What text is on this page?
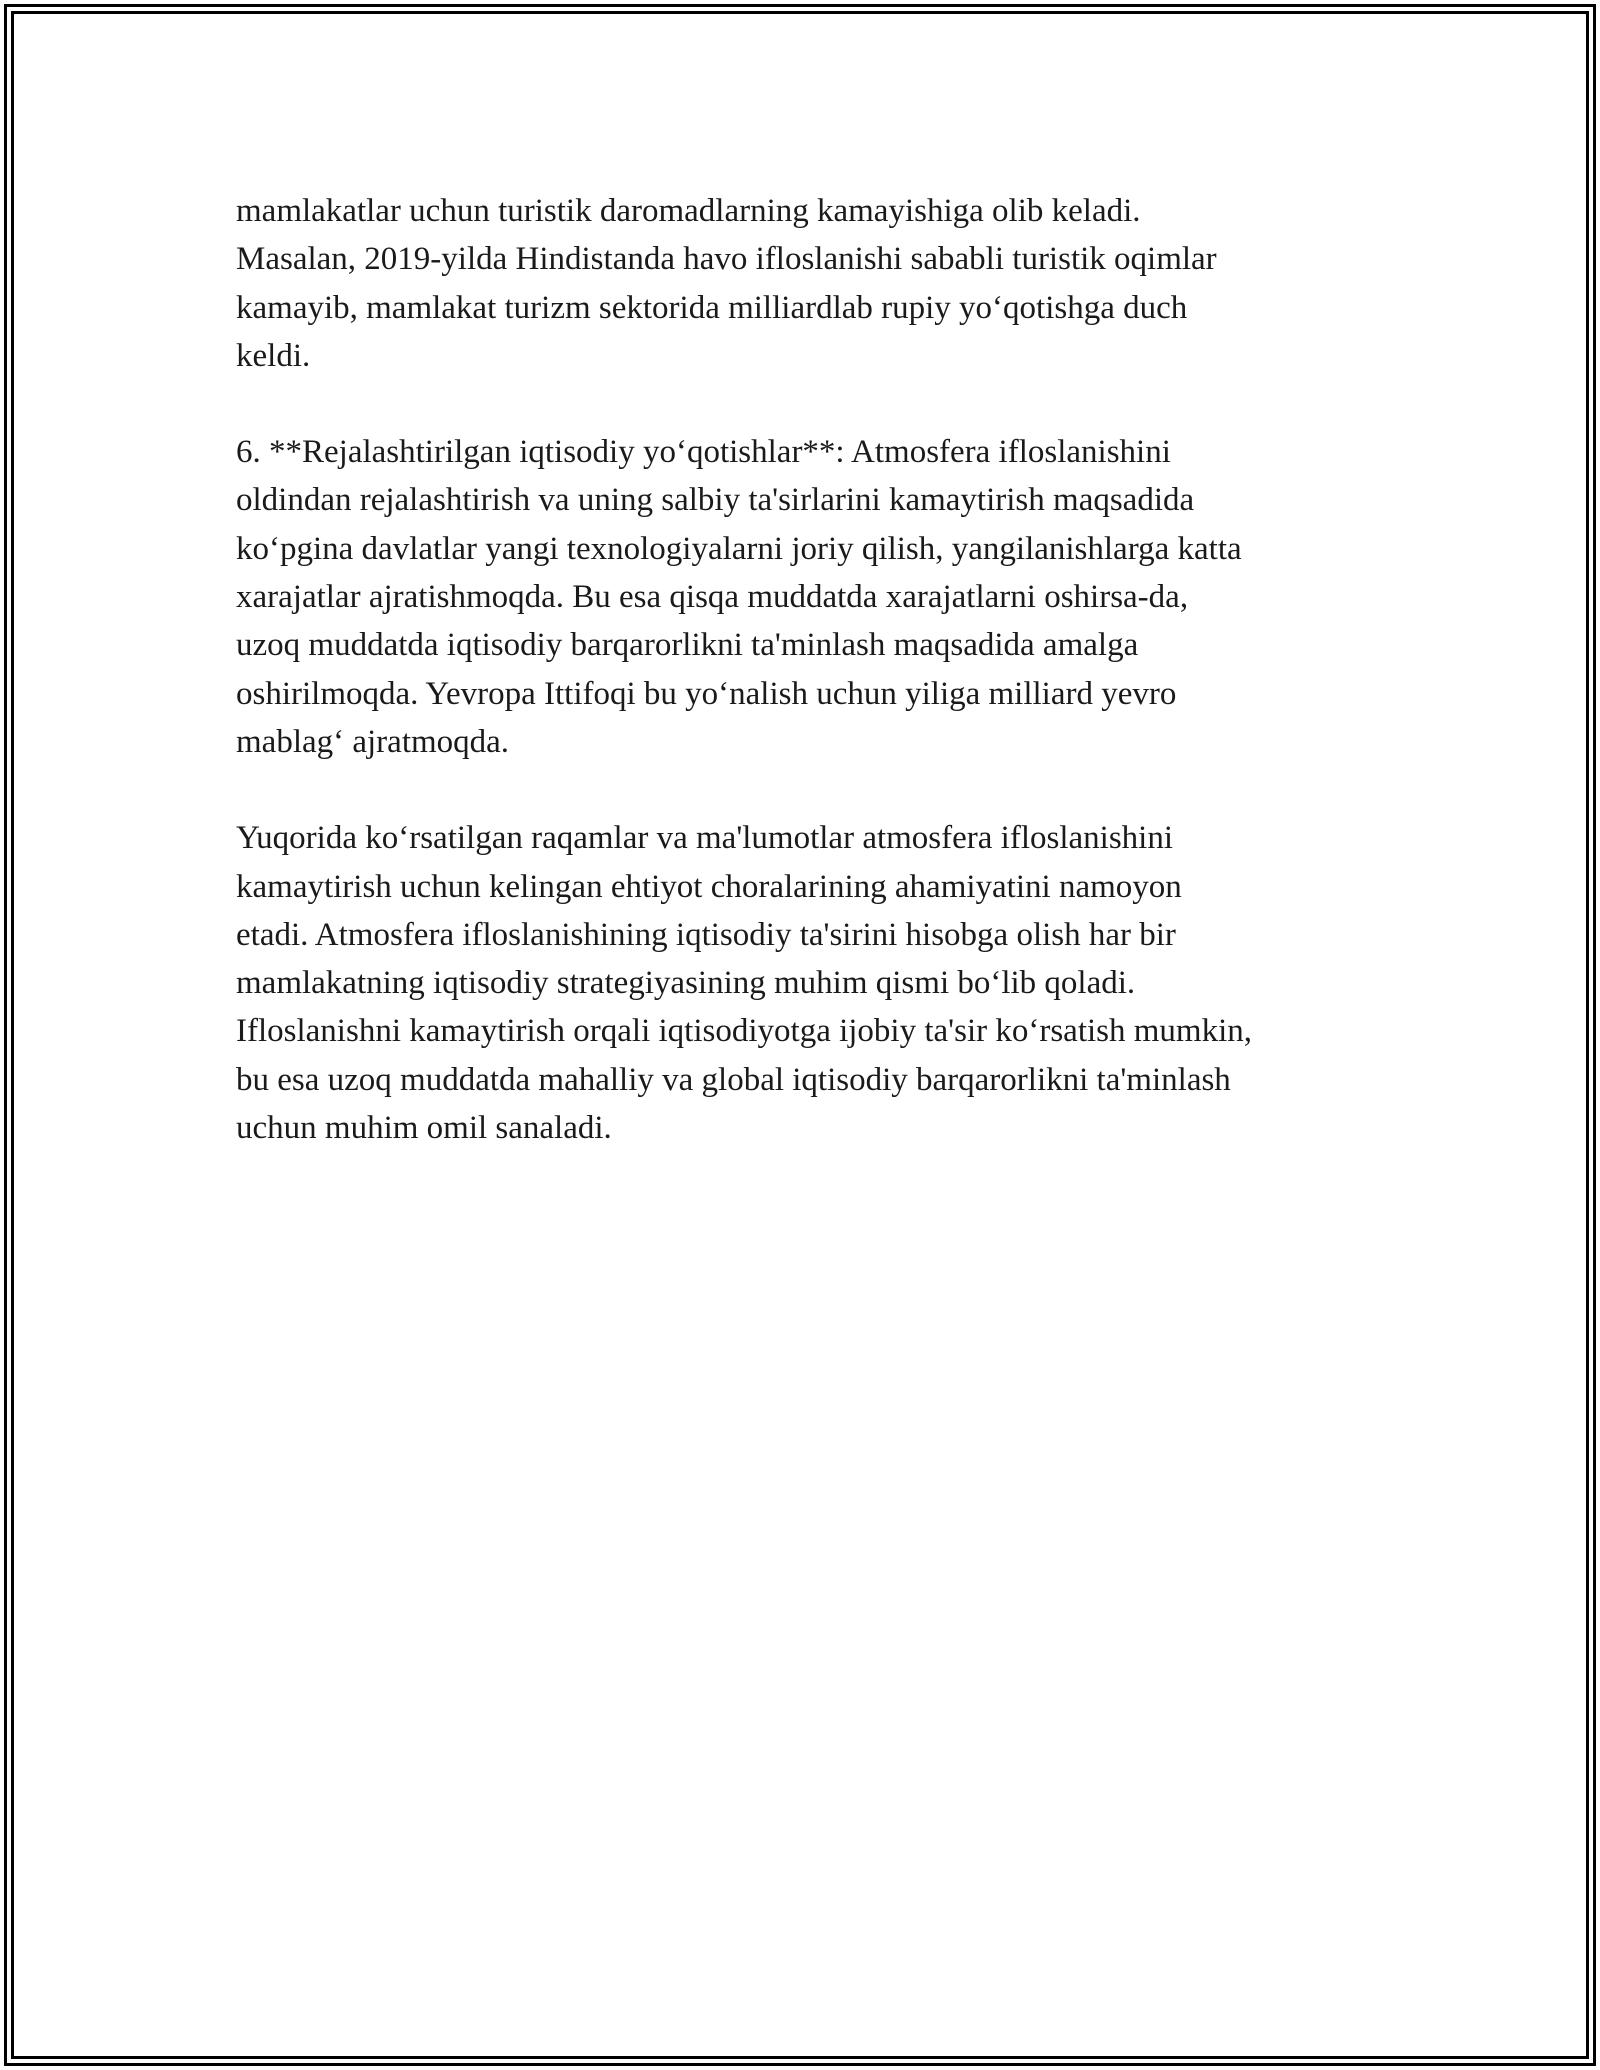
mamlakatlar uchun turistik daromadlarning kamayishiga olib keladi.
Masalan, 2019-yilda Hindistanda havo ifloslanishi sababli turistik oqimlar
kamayib, mamlakat turizm sektorida milliardlab rupiy yo‘qotishga duch
keldi.

6. **Rejalashtirilgan iqtisodiy yo‘qotishlar**: Atmosfera ifloslanishini
oldindan rejalashtirish va uning salbiy ta'sirlarini kamaytirish maqsadida
ko‘pgina davlatlar yangi texnologiyalarni joriy qilish, yangilanishlarga katta
xarajatlar ajratishmoqda. Bu esa qisqa muddatda xarajatlarni oshirsa-da,
uzoq muddatda iqtisodiy barqarorlikni ta'minlash maqsadida amalga
oshirilmoqda. Yevropa Ittifoqi bu yo‘nalish uchun yiliga milliard yevro
mablag‘ ajratmoqda.

Yuqorida ko‘rsatilgan raqamlar va ma'lumotlar atmosfera ifloslanishini
kamaytirish uchun kelingan ehtiyot choralarining ahamiyatini namoyon
etadi. Atmosfera ifloslanishining iqtisodiy ta'sirini hisobga olish har bir
mamlakatning iqtisodiy strategiyasining muhim qismi bo‘lib qoladi.
Ifloslanishni kamaytirish orqali iqtisodiyotga ijobiy ta'sir ko‘rsatish mumkin,
bu esa uzoq muddatda mahalliy va global iqtisodiy barqarorlikni ta'minlash
uchun muhim omil sanaladi.
